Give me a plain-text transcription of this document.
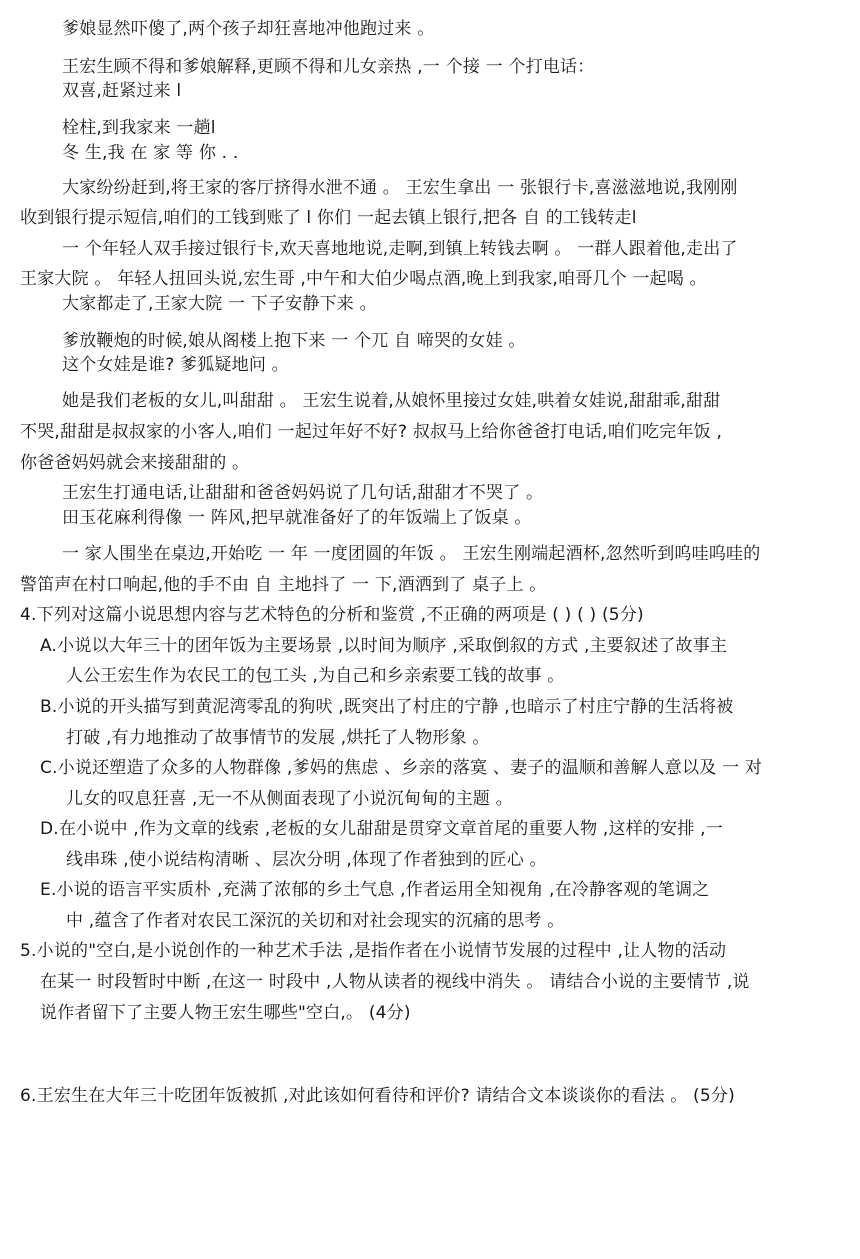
爹娘显然吓傻了,两个孩子却狂喜地冲他跑过来 。
王宏生顾不得和爹娘解释,更顾不得和儿女亲热 ,一 个接 一 个打电话：
双喜,赶紧过来 l
栓柱,到我家来 一趟l
冬 生,我 在 家 等 你 . .
大家纷纷赶到,将王家的客厅挤得水泄不通 。 王宏生拿出 一 张银行卡,喜滋滋地说,我刚刚
收到银行提示短信,咱们的工钱到账了 l 你们 一起去镇上银行,把各 自 的工钱转走l
一 个年轻人双手接过银行卡,欢天喜地地说,走啊,到镇上转钱去啊 。 一群人跟着他,走出了
王家大院 。 年轻人扭回头说,宏生哥 ,中午和大伯少喝点酒,晚上到我家,咱哥几个 一起喝 。
大家都走了,王家大院 一 下子安静下来 。
爹放鞭炮的时候,娘从阁楼上抱下来 一 个兀 自 啼哭的女娃 。
这个女娃是谁? 爹狐疑地问 。
她是我们老板的女儿,叫甜甜 。 王宏生说着,从娘怀里接过女娃,哄着女娃说,甜甜乖,甜甜
不哭,甜甜是叔叔家的小客人,咱们 一起过年好不好? 叔叔马上给你爸爸打电话,咱们吃完年饭 ,
你爸爸妈妈就会来接甜甜的 。
王宏生打通电话,让甜甜和爸爸妈妈说了几句话,甜甜才不哭了 。
田玉花麻利得像 一 阵风,把早就准备好了的年饭端上了饭桌 。
一 家人围坐在桌边,开始吃 一 年 一度团圆的年饭 。 王宏生刚端起酒杯,忽然听到呜哇呜哇的
警笛声在村口响起,他的手不由 自 主地抖了 一 下,酒洒到了 桌子上 。
4.下列对这篇小说思想内容与艺术特色的分析和鉴赏 ,不正确的两项是 ( ) ( ) (5分)
A.小说以大年三十的团年饭为主要场景 ,以时间为顺序 ,采取倒叙的方式 ,主要叙述了故事主
人公王宏生作为农民工的包工头 ,为自己和乡亲索要工钱的故事 。
B.小说的开头描写到黄泥湾零乱的狗吠 ,既突出了村庄的宁静 ,也暗示了村庄宁静的生活将被
打破 ,有力地推动了故事情节的发展 ,烘托了人物形象 。
C.小说还塑造了众多的人物群像 ,爹妈的焦虑 、乡亲的落寞 、妻子的温顺和善解人意以及 一 对
儿女的叹息狂喜 ,无一不从侧面表现了小说沉甸甸的主题 。
D.在小说中 ,作为文章的线索 ,老板的女儿甜甜是贯穿文章首尾的重要人物 ,这样的安排 ,一
线串珠 ,使小说结构清晰 、层次分明 ,体现了作者独到的匠心 。
E.小说的语言平实质朴 ,充满了浓郁的乡土气息 ,作者运用全知视角 ,在冷静客观的笔调之
中 ,蕴含了作者对农民工深沉的关切和对社会现实的沉痛的思考 。
5.小说的"空白,是小说创作的一种艺术手法 ,是指作者在小说情节发展的过程中 ,让人物的活动
在某一 时段暂时中断 ,在这一 时段中 ,人物从读者的视线中消失 。 请结合小说的主要情节 ,说
说作者留下了主要人物王宏生哪些"空白,。 (4分)
6.王宏生在大年三十吃团年饭被抓 ,对此该如何看待和评价? 请结合文本谈谈你的看法 。 (5分)
